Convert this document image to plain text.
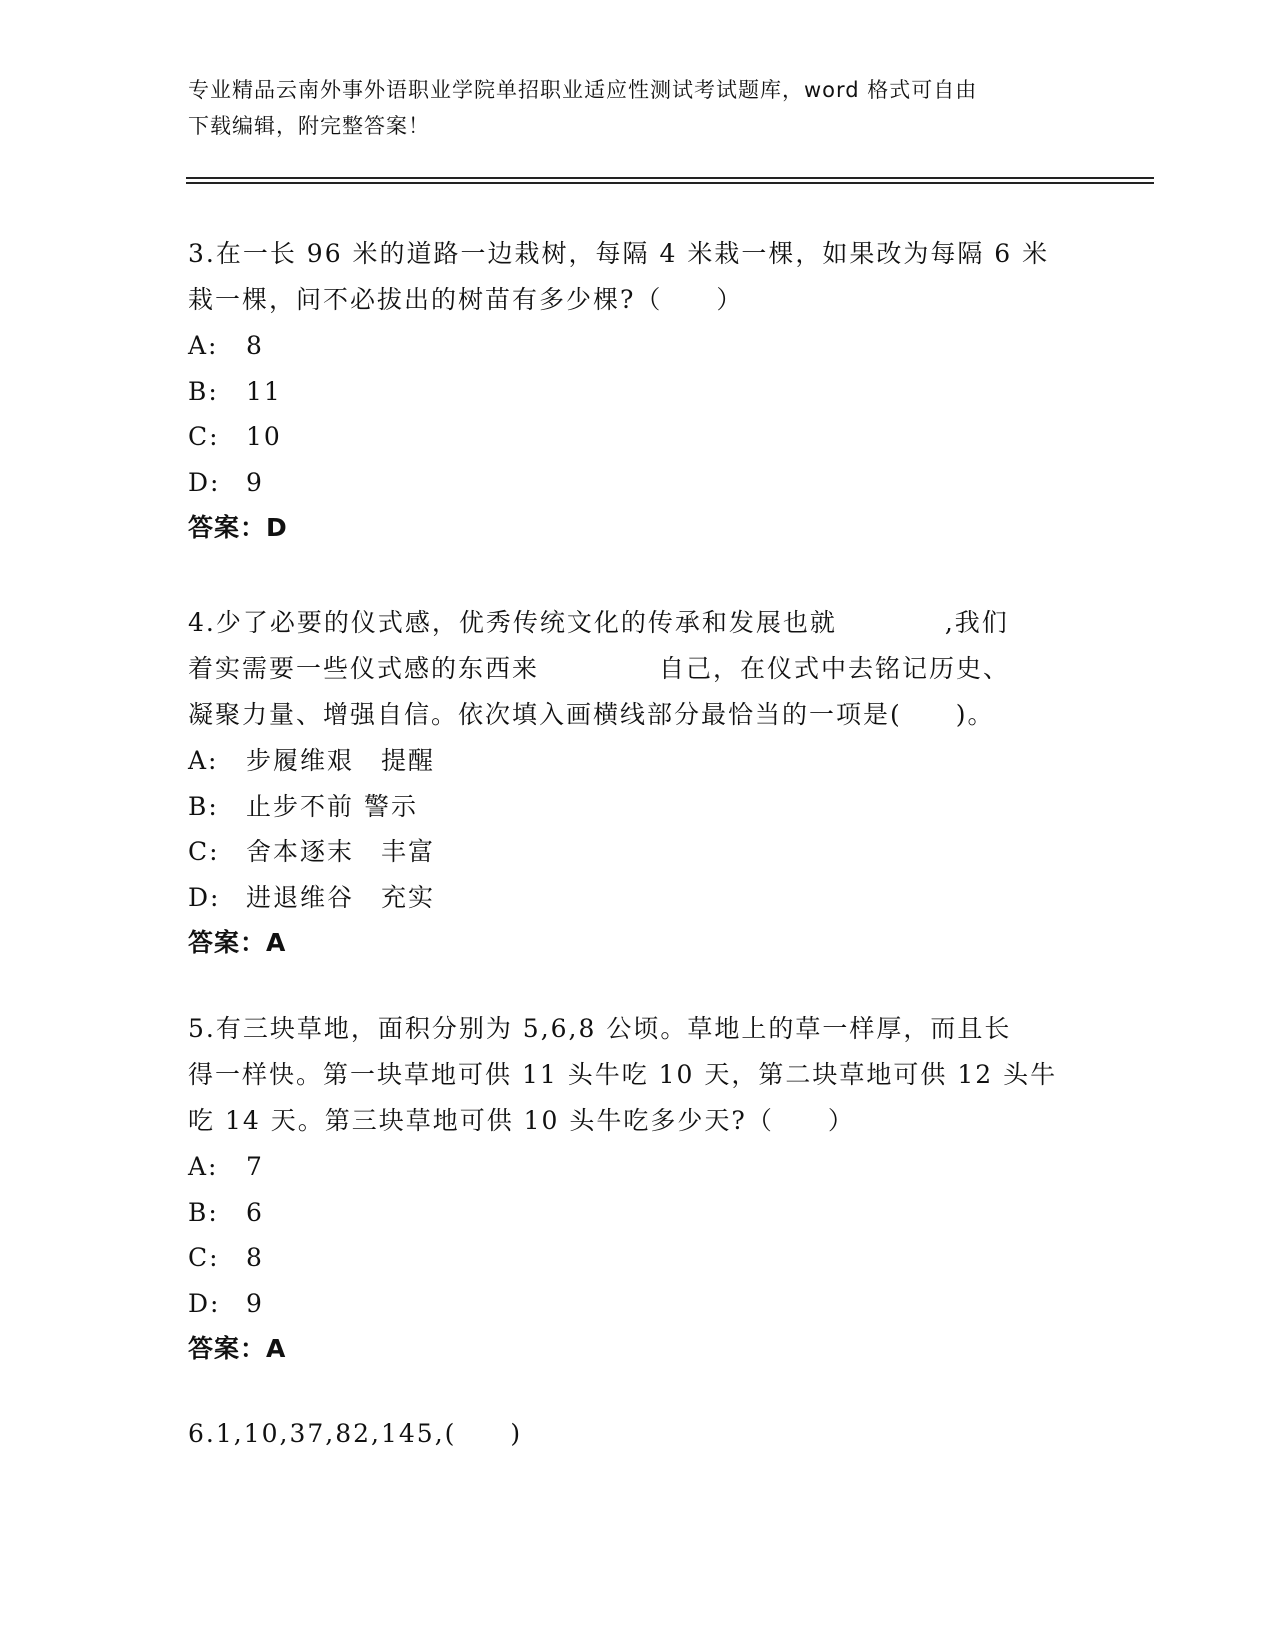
专业精品云南外事外语职业学院单招职业适应性测试考试题库，word 格式可自由
下载编辑，附完整答案！

3.在一长 96 米的道路一边栽树，每隔 4 米栽一棵，如果改为每隔 6 米

栽一棵，问不必拔出的树苗有多少棵?（　　）

A:	8
B:	11
C:	10
D:	9
答案：D

4.少了必要的仪式感，优秀传统文化的传承和发展也就	,我们

着实需要一些仪式感的东西来	自己，在仪式中去铭记历史、

凝聚力量、增强自信。依次填入画横线部分最恰当的一项是(　　)。

A:	步履维艰　提醒
B:	止步不前 警示
C:	舍本逐末　丰富
D:	进退维谷　充实
答案：A

5.有三块草地，面积分别为 5,6,8 公顷。草地上的草一样厚，而且长

得一样快。第一块草地可供 11 头牛吃 10 天，第二块草地可供 12 头牛

吃 14 天。第三块草地可供 10 头牛吃多少天?（　　）

A:	7
B:	6
C:	8
D:	9
答案：A

6.1,10,37,82,145,(　　)
